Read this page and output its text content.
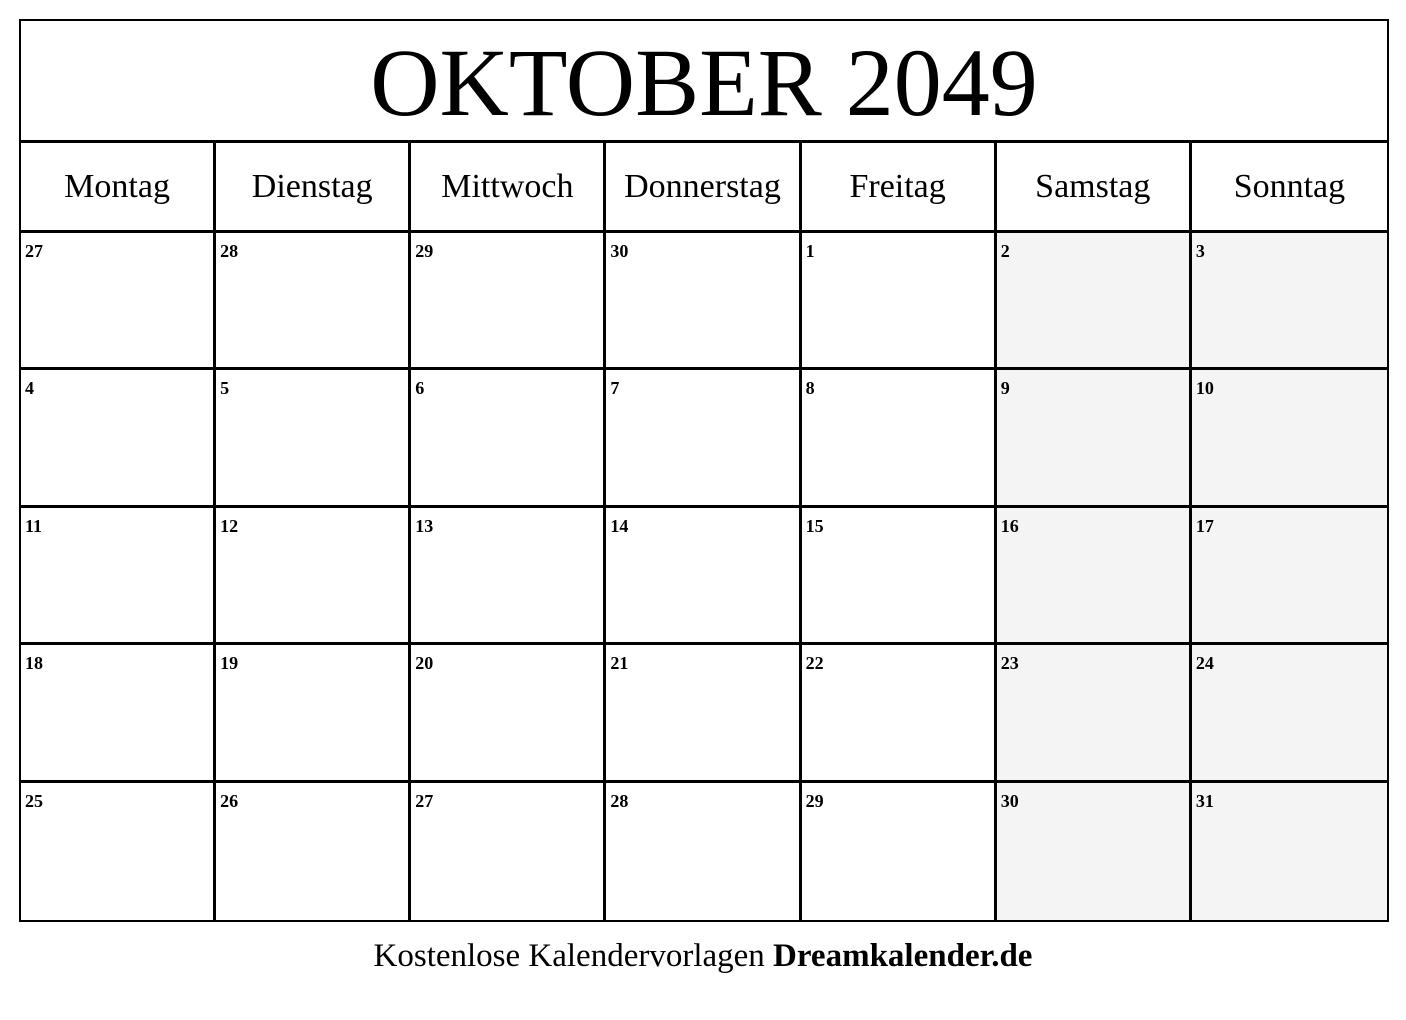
OKTOBER 2049
Montag	Dienstag	Mittwoch	Donnerstag	Freitag	Samstag	Sonntag
27	28	29	30	1	2	3
4	5	6	7	8	9	10
11	12	13	14	15	16	17
18	19	20	21	22	23	24
25	26	27	28	29	30	31
Kostenlose Kalendervorlagen Dreamkalender.de
